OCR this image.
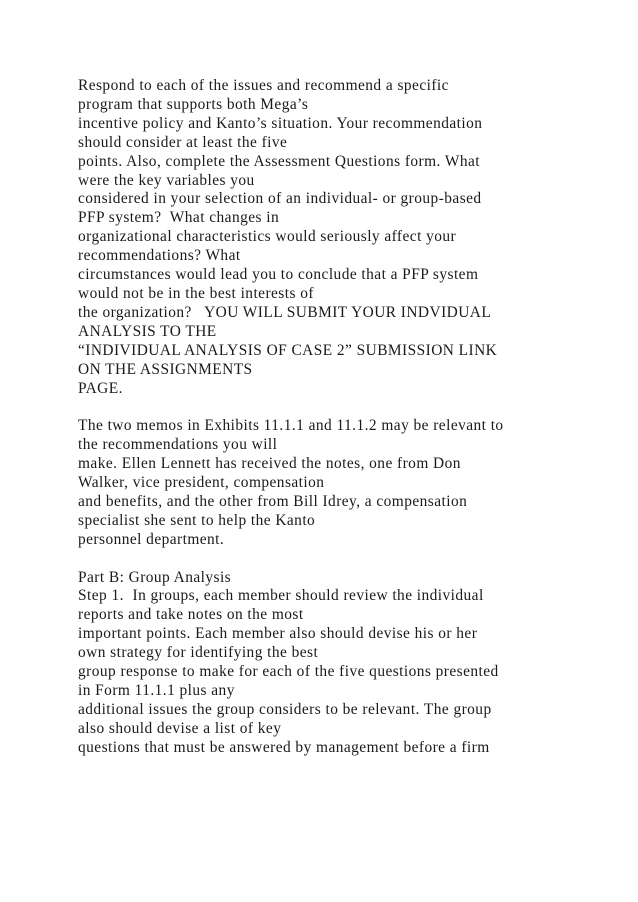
Respond to each of the issues and recommend a specific
program that supports both Mega’s
incentive policy and Kanto’s situation. Your recommendation
should consider at least the five
points. Also, complete the Assessment Questions form. What
were the key variables you
considered in your selection of an individual- or group-based
PFP system?  What changes in
organizational characteristics would seriously affect your
recommendations? What
circumstances would lead you to conclude that a PFP system
would not be in the best interests of
the organization?   YOU WILL SUBMIT YOUR INDVIDUAL
ANALYSIS TO THE
“INDIVIDUAL ANALYSIS OF CASE 2” SUBMISSION LINK
ON THE ASSIGNMENTS
PAGE.
The two memos in Exhibits 11.1.1 and 11.1.2 may be relevant to
the recommendations you will
make. Ellen Lennett has received the notes, one from Don
Walker, vice president, compensation
and benefits, and the other from Bill Idrey, a compensation
specialist she sent to help the Kanto
personnel department.
Part B: Group Analysis
Step 1.  In groups, each member should review the individual
reports and take notes on the most
important points. Each member also should devise his or her
own strategy for identifying the best
group response to make for each of the five questions presented
in Form 11.1.1 plus any
additional issues the group considers to be relevant. The group
also should devise a list of key
questions that must be answered by management before a firm
